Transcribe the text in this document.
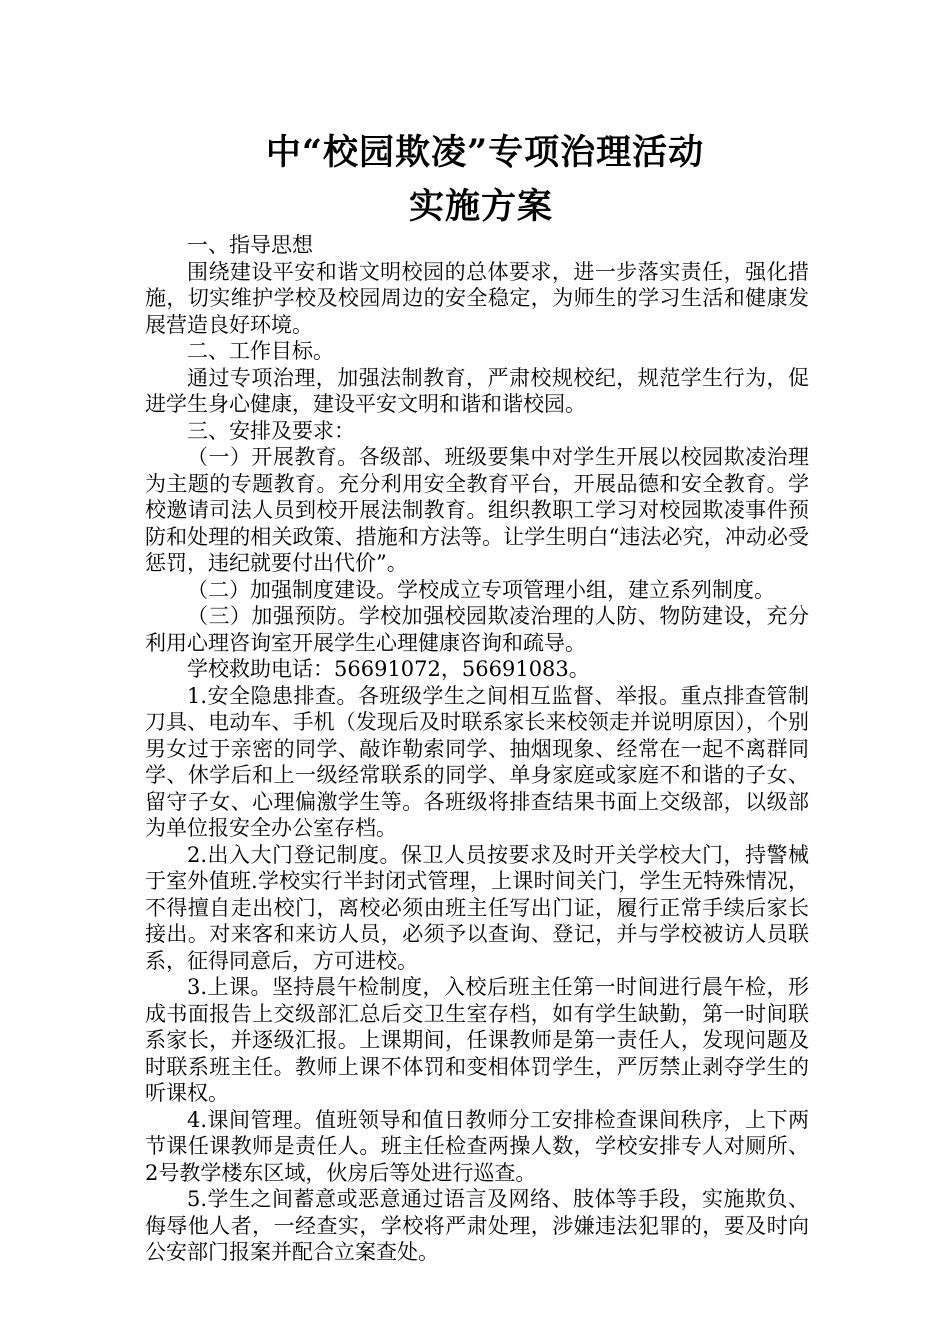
中“校园欺凌”专项治理活动
实施方案

一、指导思想

围绕建设平安和谐文明校园的总体要求，进一步落实责任，强化措施，切实维护学校及校园周边的安全稳定，为师生的学习生活和健康发展营造良好环境。

二、工作目标。

通过专项治理，加强法制教育，严肃校规校纪，规范学生行为，促进学生身心健康，建设平安文明和谐和谐校园。

三、安排及要求：

（一）开展教育。各级部、班级要集中对学生开展以校园欺凌治理为主题的专题教育。充分利用安全教育平台，开展品德和安全教育。学校邀请司法人员到校开展法制教育。组织教职工学习对校园欺凌事件预防和处理的相关政策、措施和方法等。让学生明白“违法必究，冲动必受惩罚，违纪就要付出代价”。

（二）加强制度建设。学校成立专项管理小组，建立系列制度。

（三）加强预防。学校加强校园欺凌治理的人防、物防建设，充分利用心理咨询室开展学生心理健康咨询和疏导。

学校救助电话：56691072，56691083。

1.安全隐患排查。各班级学生之间相互监督、举报。重点排查管制刀具、电动车、手机（发现后及时联系家长来校领走并说明原因），个别男女过于亲密的同学、敲诈勒索同学、抽烟现象、经常在一起不离群同学、休学后和上一级经常联系的同学、单身家庭或家庭不和谐的子女、留守子女、心理偏激学生等。各班级将排查结果书面上交级部，以级部为单位报安全办公室存档。

2.出入大门登记制度。保卫人员按要求及时开关学校大门，持警械于室外值班.学校实行半封闭式管理，上课时间关门，学生无特殊情况，不得擅自走出校门，离校必须由班主任写出门证，履行正常手续后家长接出。对来客和来访人员，必须予以查询、登记，并与学校被访人员联系，征得同意后，方可进校。

3.上课。坚持晨午检制度，入校后班主任第一时间进行晨午检，形成书面报告上交级部汇总后交卫生室存档，如有学生缺勤，第一时间联系家长，并逐级汇报。上课期间，任课教师是第一责任人，发现问题及时联系班主任。教师上课不体罚和变相体罚学生，严厉禁止剥夺学生的听课权。

4.课间管理。值班领导和值日教师分工安排检查课间秩序，上下两节课任课教师是责任人。班主任检查两操人数，学校安排专人对厕所、2号教学楼东区域，伙房后等处进行巡查。

5.学生之间蓄意或恶意通过语言及网络、肢体等手段，实施欺负、侮辱他人者，一经查实，学校将严肃处理，涉嫌违法犯罪的，要及时向公安部门报案并配合立案查处。
